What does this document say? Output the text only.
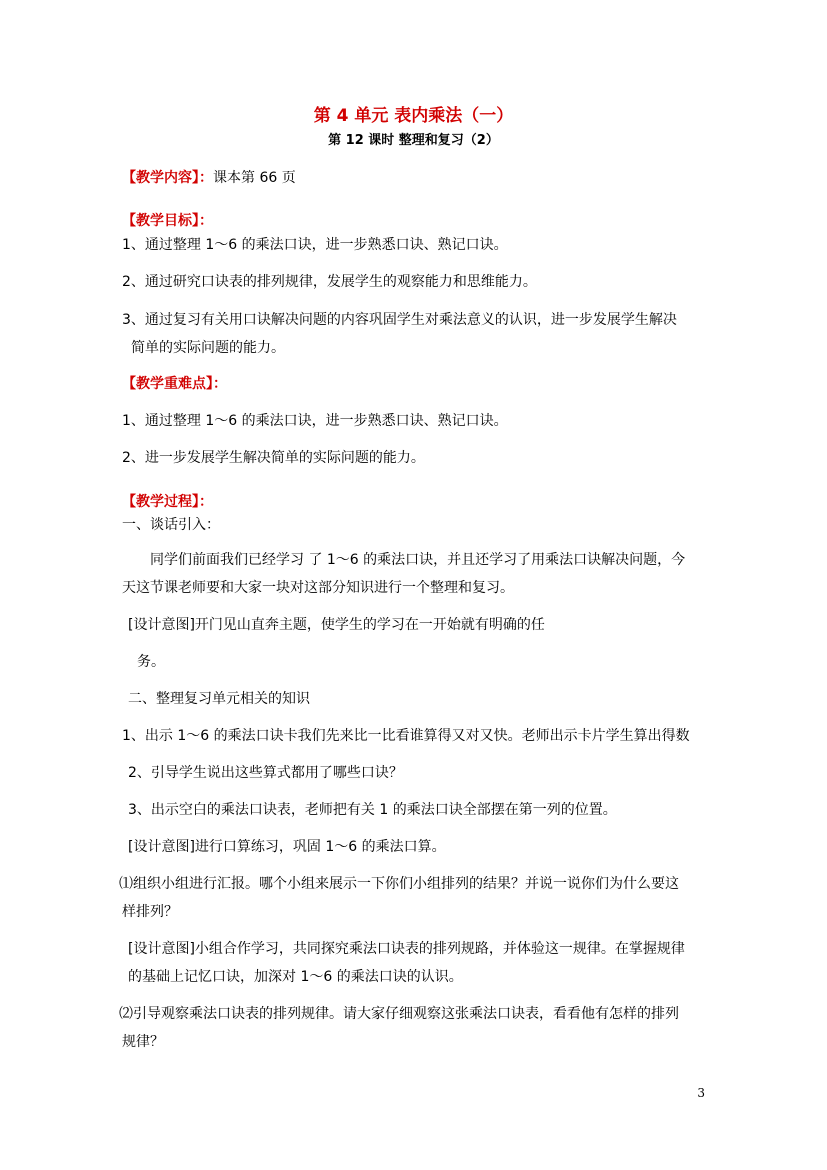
第 4 单元 表内乘法（一）
第 12 课时 整理和复习（2）
【教学内容】：课本第 66 页
【教学目标】：
1、通过整理 1～6 的乘法口诀，进一步熟悉口诀、熟记口诀。
2、通过研究口诀表的排列规律，发展学生的观察能力和思维能力。
3、通过复习有关用口诀解决问题的内容巩固学生对乘法意义的认识，进一步发展学生解决
简单的实际问题的能力。
【教学重难点】：
1、通过整理 1～6 的乘法口诀，进一步熟悉口诀、熟记口诀。
2、进一步发展学生解决简单的实际问题的能力。
【教学过程】：
一、谈话引入：
同学们前面我们已经学习 了 1～6 的乘法口诀，并且还学习了用乘法口诀解决问题，今
天这节课老师要和大家一块对这部分知识进行一个整理和复习。
[设计意图]开门见山直奔主题，使学生的学习在一开始就有明确的任
务。
二、整理复习单元相关的知识
1、出示 1～6 的乘法口诀卡我们先来比一比看谁算得又对又快。老师出示卡片学生算出得数
2、引导学生说出这些算式都用了哪些口诀？
3、出示空白的乘法口诀表，老师把有关 1 的乘法口诀全部摆在第一列的位置。
[设计意图]进行口算练习，巩固 1～6 的乘法口算。
⑴组织小组进行汇报。哪个小组来展示一下你们小组排列的结果？并说一说你们为什么要这
样排列？
[设计意图]小组合作学习，共同探究乘法口诀表的排列规路，并体验这一规律。在掌握规律
的基础上记忆口诀，加深对 1～6 的乘法口诀的认识。
⑵引导观察乘法口诀表的排列规律。请大家仔细观察这张乘法口诀表，看看他有怎样的排列
规律？
3
